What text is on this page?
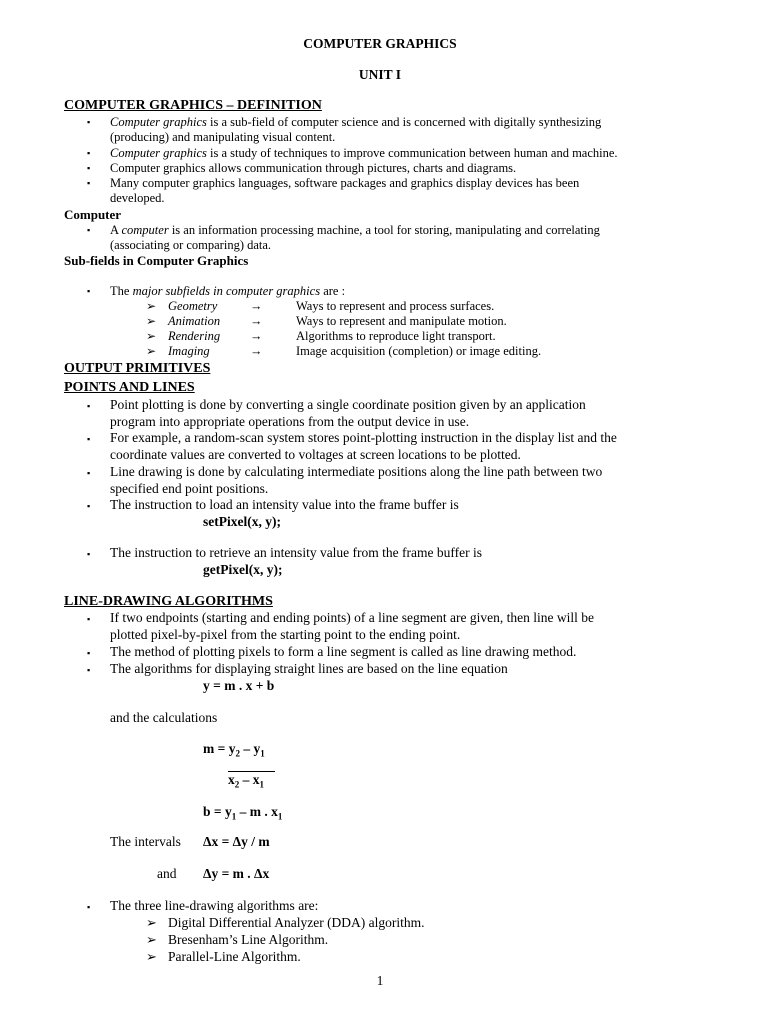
COMPUTER GRAPHICS
UNIT I
COMPUTER GRAPHICS – DEFINITION
▪ Computer graphics is a sub-field of computer science and is concerned with digitally synthesizing
(producing) and manipulating visual content.
▪ Computer graphics is a study of techniques to improve communication between human and machine.
▪ Computer graphics allows communication through pictures, charts and diagrams.
▪ Many computer graphics languages, software packages and graphics display devices has been
developed.
Computer
▪ A computer is an information processing machine, a tool for storing, manipulating and correlating
(associating or comparing) data.
Sub-fields in Computer Graphics
▪ The major subfields in computer graphics are :
➢ Geometry	→	Ways to represent and process surfaces.
➢ Animation →	Ways to represent and manipulate motion.
➢ Rendering →	Algorithms to reproduce light transport.
➢ Imaging	→	Image acquisition (completion) or image editing.
OUTPUT PRIMITIVES
POINTS AND LINES
▪ Point plotting is done by converting a single coordinate position given by an application
program into appropriate operations from the output device in use.
▪ For example, a random-scan system stores point-plotting instruction in the display list and the
coordinate values are converted to voltages at screen locations to be plotted.
▪ Line drawing is done by calculating intermediate positions along the line path between two
specified end point positions.
▪ The instruction to load an intensity value into the frame buffer is
setPixel(x, y);
▪ The instruction to retrieve an intensity value from the frame buffer is
getPixel(x, y);
LINE-DRAWING ALGORITHMS
▪ If two endpoints (starting and ending points) of a line segment are given, then line will be
plotted pixel-by-pixel from the starting point to the ending point.
▪ The method of plotting pixels to form a line segment is called as line drawing method.
▪ The algorithms for displaying straight lines are based on the line equation
y = m . x + b
and the calculations
$m = y_2 - y_1$
$x_2 - x_1$
$b = y_1 - m$ . $x_1$
The intervals Δx = Δy / m
and Δy = m . Δx
▪ The three line-drawing algorithms are:
➢ Digital Differential Analyzer (DDA) algorithm.
➢ Bresenham’s Line Algorithm.
➢ Parallel-Line Algorithm.
1
